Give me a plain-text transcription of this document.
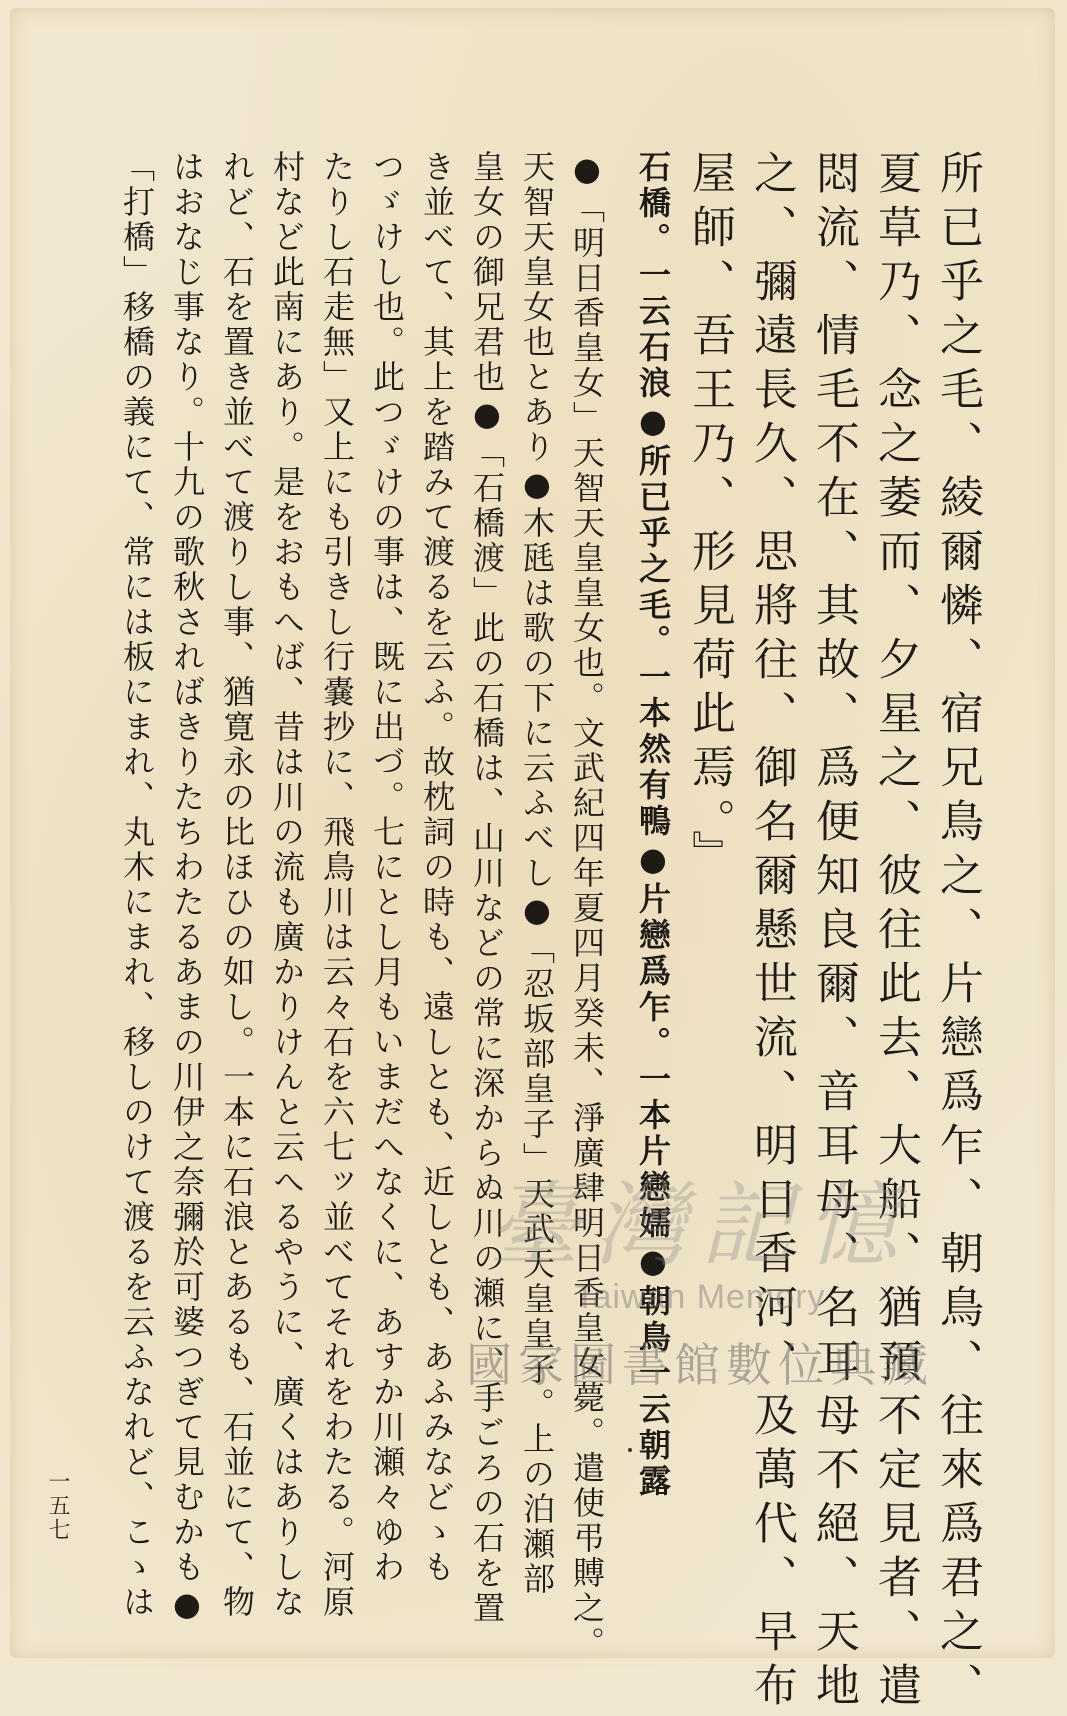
所已乎之毛、綾爾憐、宿兄鳥之、片戀爲乍、朝鳥、往來爲君之、
夏草乃、念之萎而、夕星之、彼往此去、大船、猶預不定見者、遣
悶流、情毛不在、其故、爲便知良爾、音耳母、名耳母不絕、天地
之、彌遠長久、思將往、御名爾懸世流、明日香河、及萬代、早布
屋師、吾王乃、形見荷此焉。』
石橋。一云石浪●所已乎之毛。一本然有鴨●片戀爲乍。一本片戀嬬●朝鳥一云朝露
●「明日香皇女」天智天皇皇女也。文武紀四年夏四月癸未、淨廣肆明日香皇女薨。遣使弔賻之。
天智天皇女也とあり●木瓱は歌の下に云ふべし●「忍坂部皇子」天武天皇皇子。上の泊瀬部
皇女の御兄君也●「石橋渡」此の石橋は、山川などの常に深からぬ川の瀬に、手ごろの石を置
き並べて、其上を踏みて渡るを云ふ。故枕詞の時も、遠しとも、近しとも、あふみなどゝも
つゞけし也。此つゞけの事は、既に出づ。七にとし月もいまだへなくに、あすか川瀬々ゆわ
たりし石走無」又上にも引きし行嚢抄に、飛鳥川は云々石を六七ッ並べてそれをわたる。河原
村など此南にあり。是をおもへば、昔は川の流も廣かりけんと云へるやうに、廣くはありしな
れど、石を置き並べて渡りし事、猶寛永の比ほひの如し。一本に石浪とあるも、石並にて、物
はおなじ事なり。十九の歌秋さればきりたちわたるあまの川伊之奈彌於可婆つぎて見むかも●
「打橋」移橋の義にて、常には板にまれ、丸木にまれ、移しのけて渡るを云ふなれど、こゝは
一五七
臺灣記憶
Taiwan Memory
國家圖書館數位典藏
